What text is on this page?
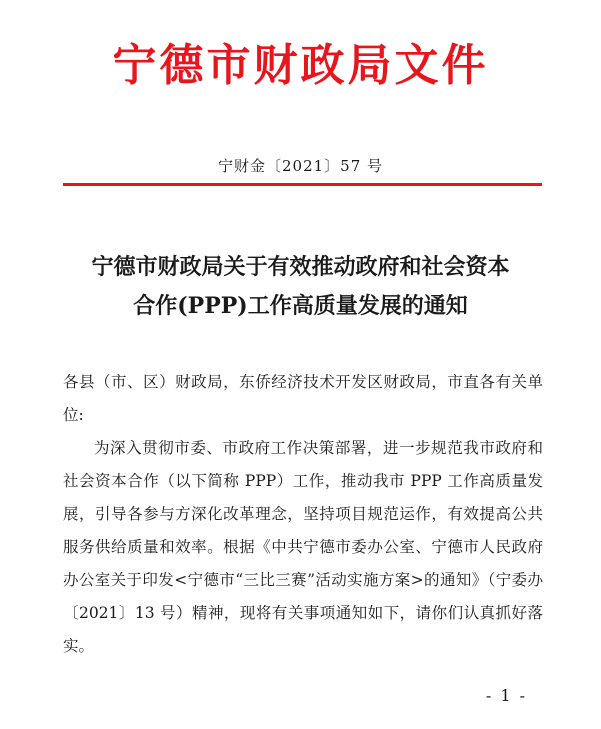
宁德市财政局文件
宁财金〔2021〕57 号
宁德市财政局关于有效推动政府和社会资本
合作(PPP)工作高质量发展的通知

各县（市、区）财政局，东侨经济技术开发区财政局，市直各有关单位:

为深入贯彻市委、市政府工作决策部署，进一步规范我市政府和社会资本合作（以下简称 PPP）工作，推动我市 PPP 工作高质量发展，引导各参与方深化改革理念，坚持项目规范运作，有效提高公共服务供给质量和效率。根据《中共宁德市委办公室、宁德市人民政府办公室关于印发<宁德市“三比三赛”活动实施方案>的通知》（宁委办〔2021〕13 号）精神，现将有关事项通知如下，请你们认真抓好落实。

- 1 -
